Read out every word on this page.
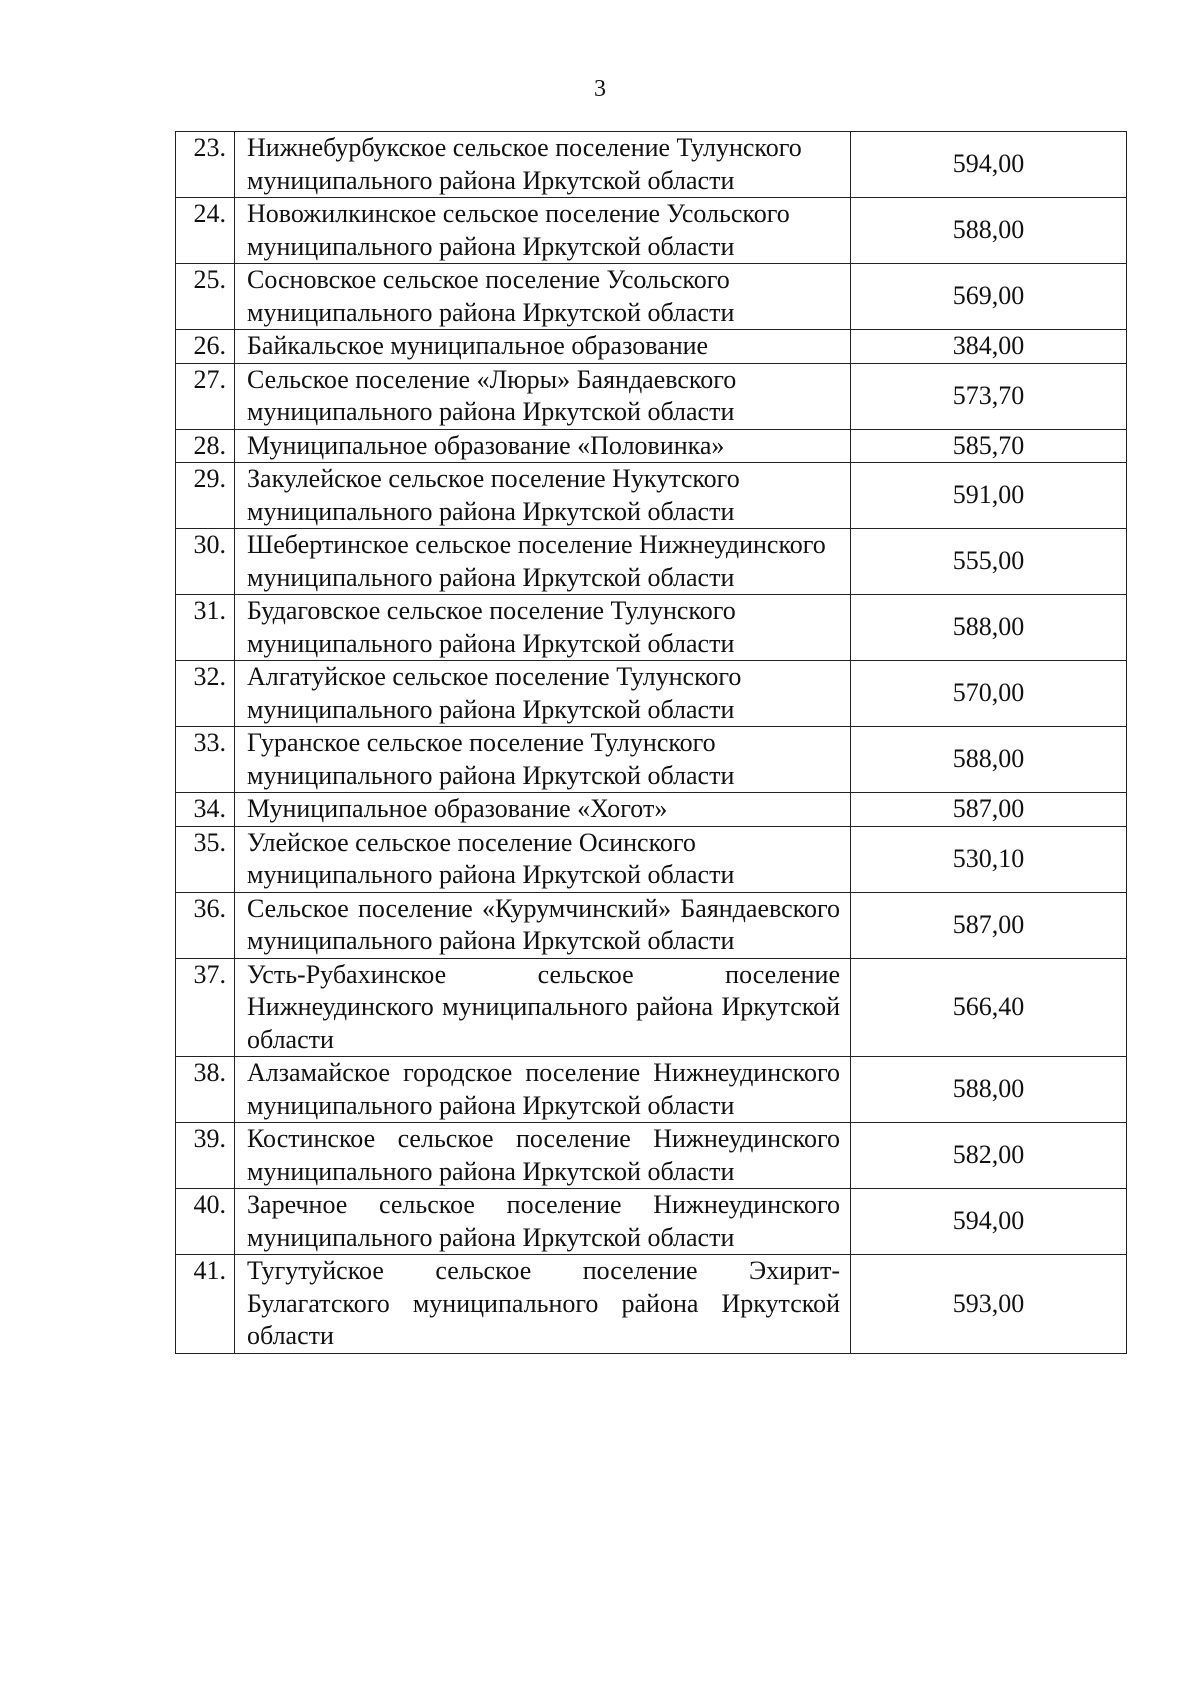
3
23.	Нижнебурбукское сельское поселение Тулунского муниципального района Иркутской области	594,00
24.	Новожилкинское сельское поселение Усольского муниципального района Иркутской области	588,00
25.	Сосновское сельское поселение Усольского муниципального района Иркутской области	569,00
26.	Байкальское муниципальное образование	384,00
27.	Сельское поселение «Люры» Баяндаевского муниципального района Иркутской области	573,70
28.	Муниципальное образование «Половинка»	585,70
29.	Закулейское сельское поселение Нукутского муниципального района Иркутской области	591,00
30.	Шебертинское сельское поселение Нижнеудинского муниципального района Иркутской области	555,00
31.	Будаговское сельское поселение Тулунского муниципального района Иркутской области	588,00
32.	Алгатуйское сельское поселение Тулунского муниципального района Иркутской области	570,00
33.	Гуранское сельское поселение Тулунского муниципального района Иркутской области	588,00
34.	Муниципальное образование «Хогот»	587,00
35.	Улейское сельское поселение Осинского муниципального района Иркутской области	530,10
36.	Сельское поселение «Курумчинский» Баяндаевского муниципального района Иркутской области	587,00
37.	Усть-Рубахинское сельское поселение Нижнеудинского муниципального района Иркутской области	566,40
38.	Алзамайское городское поселение Нижнеудинского муниципального района Иркутской области	588,00
39.	Костинское сельское поселение Нижнеудинского муниципального района Иркутской области	582,00
40.	Заречное сельское поселение Нижнеудинского муниципального района Иркутской области	594,00
41.	Тугутуйское сельское поселение Эхирит-Булагатского муниципального района Иркутской области	593,00
